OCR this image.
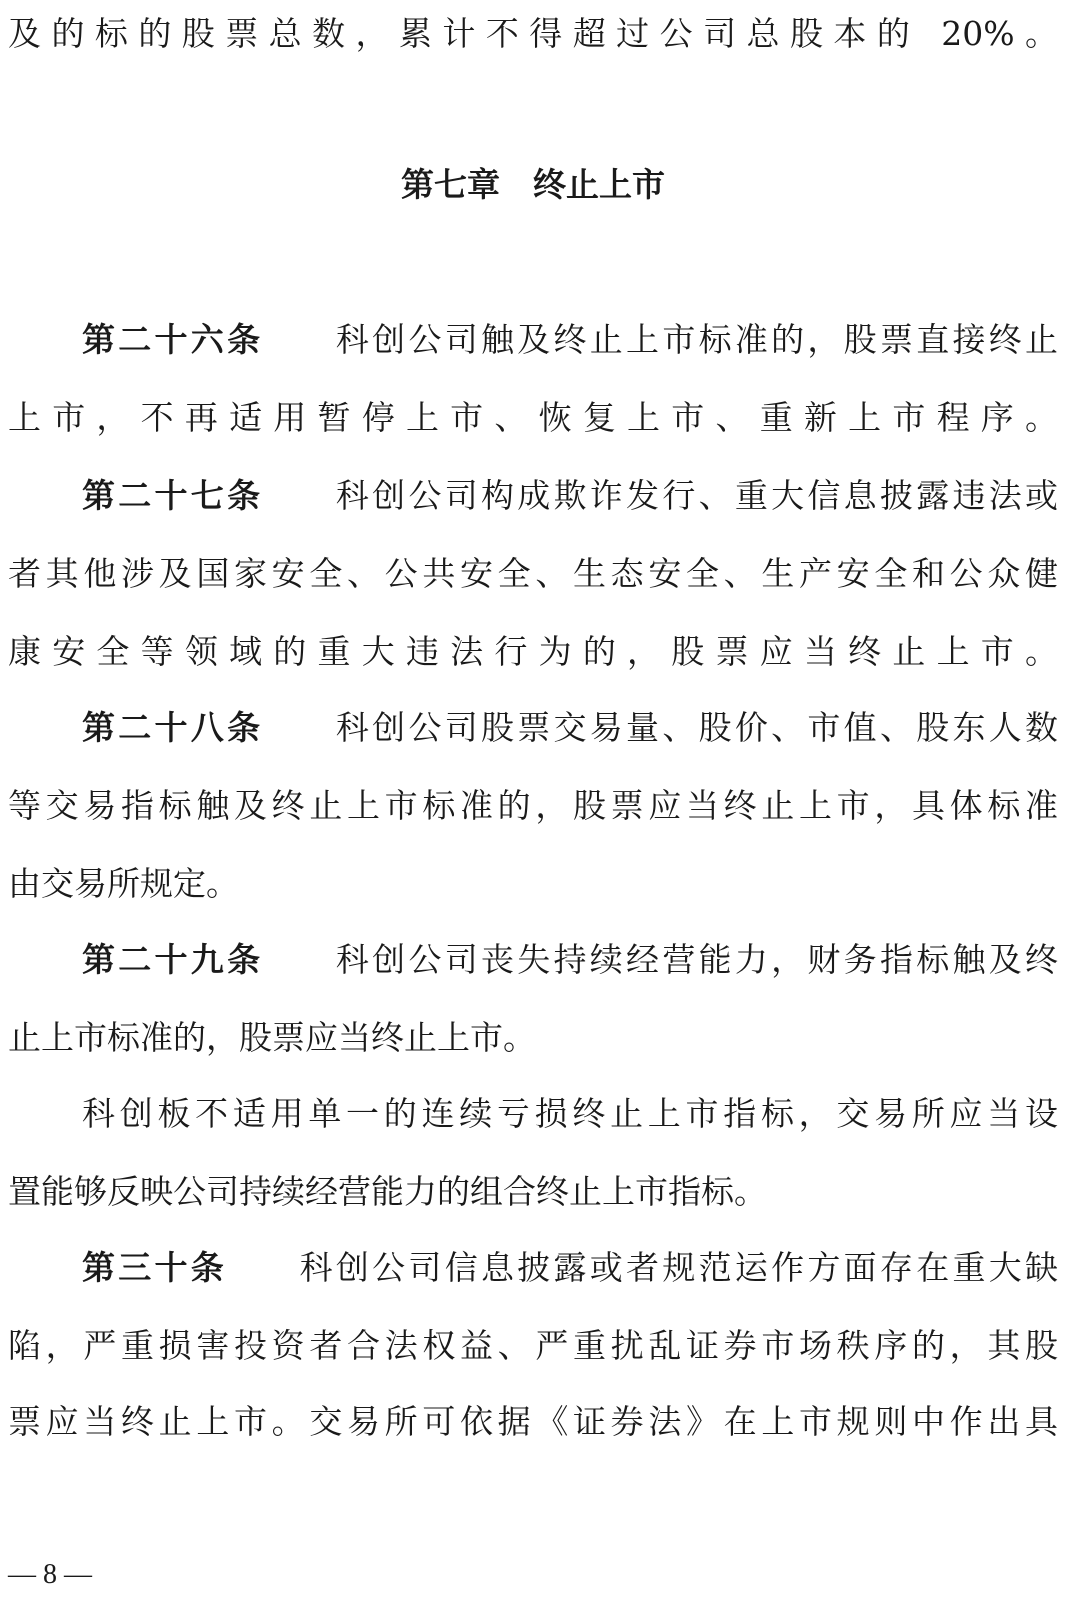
及的标的股票总数，累计不得超过公司总股本的 20%。
第七章　终止上市
第二十六条　　 科创公司触及终止上市标准的，股票直接终止
上市，不再适用暂停上市、恢复上市、重新上市程序。
第二十七条　　 科创公司构成欺诈发行、重大信息披露违法或
者其他涉及国家安全、公共安全、生态安全、生产安全和公众健
康安全等领域的重大违法行为的，股票应当终止上市。
第二十八条　　 科创公司股票交易量、股价、市值、股东人数
等交易指标触及终止上市标准的，股票应当终止上市，具体标准
由交易所规定。
第二十九条　　 科创公司丧失持续经营能力，财务指标触及终
止上市标准的，股票应当终止上市。
科创板不适用单一的连续亏损终止上市指标，交易所应当设
置能够反映公司持续经营能力的组合终止上市指标。
第三十条　　 科创公司信息披露或者规范运作方面存在重大缺
陷，严重损害投资者合法权益、严重扰乱证券市场秩序的，其股
票应当终止上市。交易所可依据《证券法》在上市规则中作出具
— 8 —
